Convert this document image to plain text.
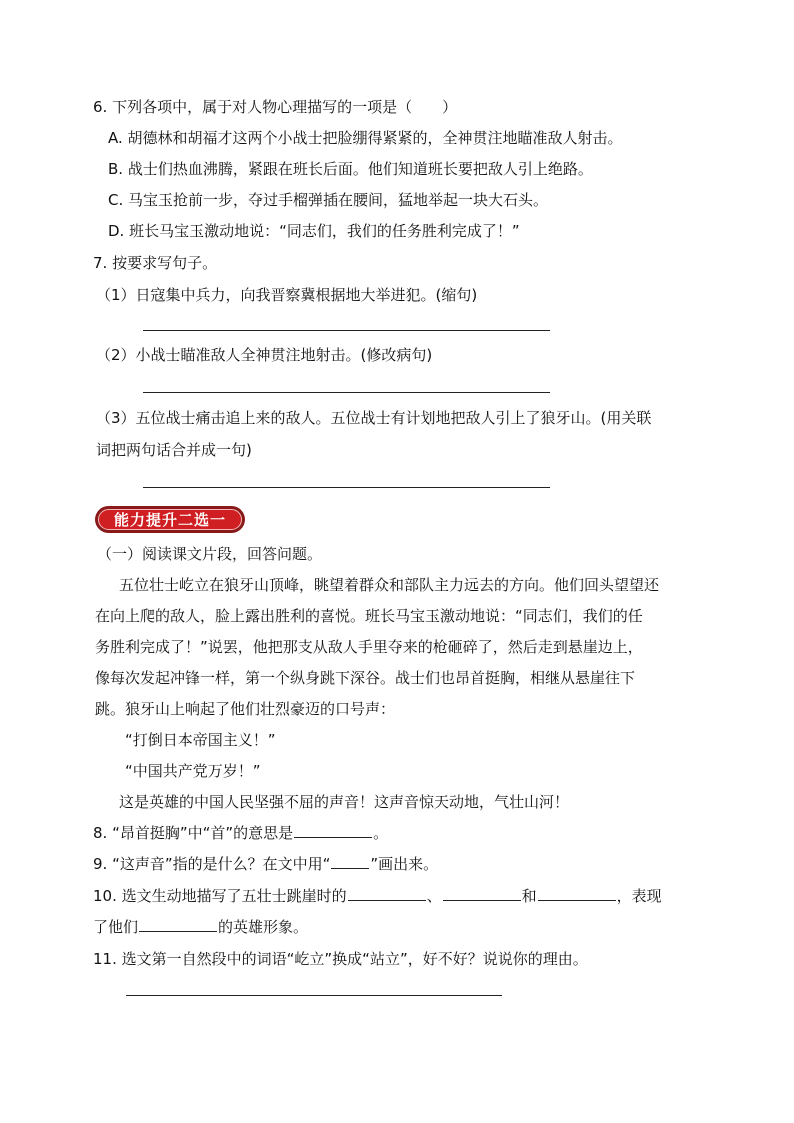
6. 下列各项中，属于对人物心理描写的一项是（　　）
A. 胡德林和胡福才这两个小战士把脸绷得紧紧的，全神贯注地瞄准敌人射击。
B. 战士们热血沸腾，紧跟在班长后面。他们知道班长要把敌人引上绝路。
C. 马宝玉抢前一步，夺过手榴弹插在腰间，猛地举起一块大石头。
D. 班长马宝玉激动地说：“同志们，我们的任务胜利完成了！”
7. 按要求写句子。
（1）日寇集中兵力，向我晋察冀根据地大举进犯。(缩句)
（2）小战士瞄准敌人全神贯注地射击。(修改病句)
（3）五位战士痛击追上来的敌人。五位战士有计划地把敌人引上了狼牙山。(用关联
词把两句话合并成一句)
能力提升二选一
（一）阅读课文片段，回答问题。
五位壮士屹立在狼牙山顶峰，眺望着群众和部队主力远去的方向。他们回头望望还
在向上爬的敌人，脸上露出胜利的喜悦。班长马宝玉激动地说：“同志们，我们的任
务胜利完成了！”说罢，他把那支从敌人手里夺来的枪砸碎了，然后走到悬崖边上，
像每次发起冲锋一样，第一个纵身跳下深谷。战士们也昂首挺胸，相继从悬崖往下
跳。狼牙山上响起了他们壮烈豪迈的口号声：
“打倒日本帝国主义！”
“中国共产党万岁！”
这是英雄的中国人民坚强不屈的声音！这声音惊天动地，气壮山河！
8. “昂首挺胸”中“首”的意思是	。
9. “这声音”指的是什么？在文中用“	”画出来。
10. 选文生动地描写了五壮士跳崖时的	、	和	，表现
了他们	的英雄形象。
11. 选文第一自然段中的词语“屹立”换成“站立”，好不好？说说你的理由。
